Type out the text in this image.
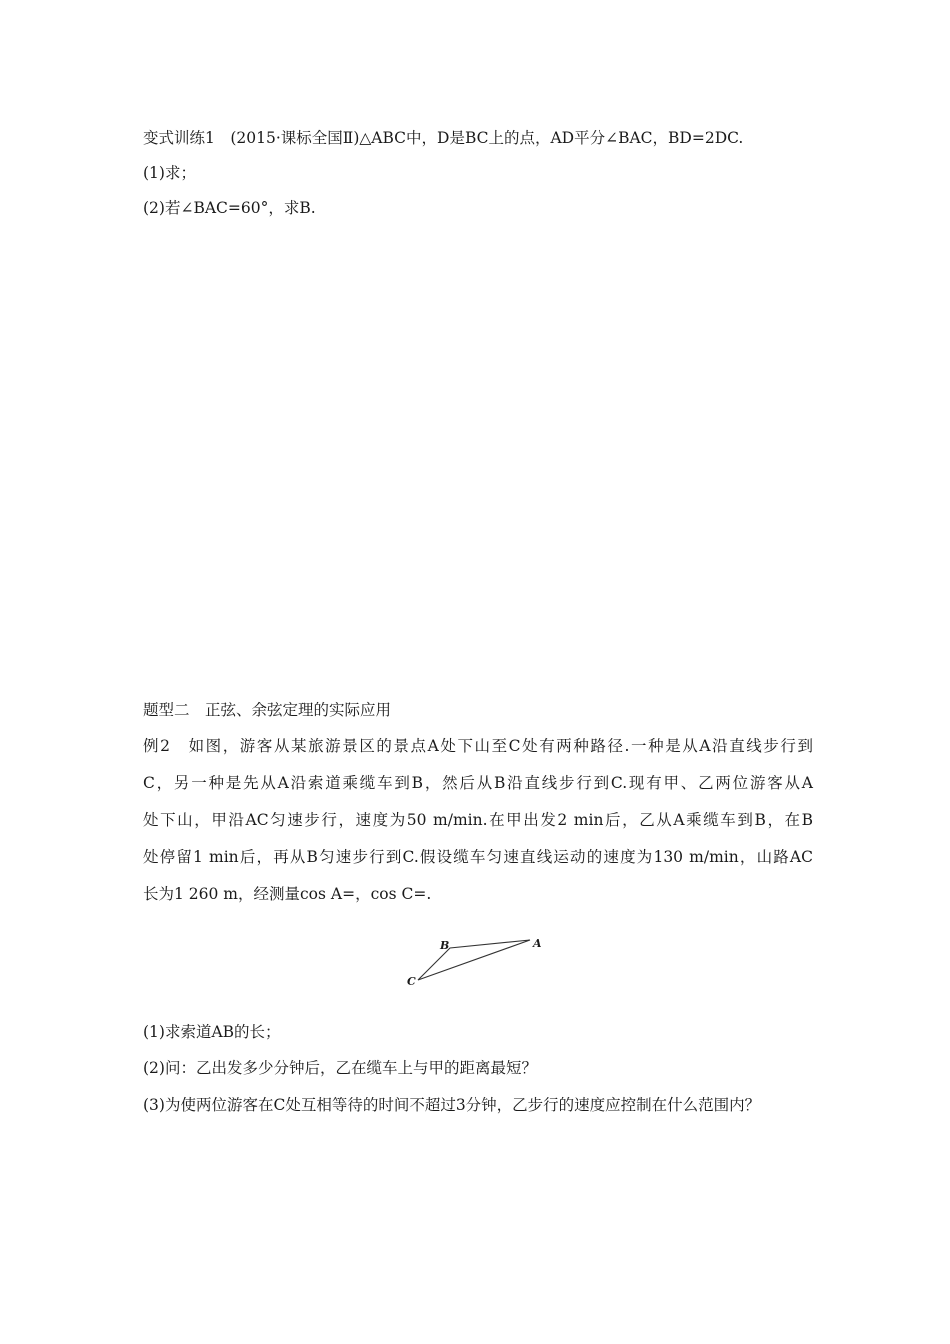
变式训练1　(2015·课标全国Ⅱ)△ABC中，D是BC上的点，AD平分∠BAC，BD=2DC.
(1)求；
(2)若∠BAC=60°，求B.
题型二　正弦、余弦定理的实际应用
例2　如图，游客从某旅游景区的景点A处下山至C处有两种路径.一种是从A沿直线步行到
C，另一种是先从A沿索道乘缆车到B，然后从B沿直线步行到C.现有甲、乙两位游客从A
处下山，甲沿AC匀速步行，速度为50 m/min.在甲出发2 min后，乙从A乘缆车到B，在B
处停留1 min后，再从B匀速步行到C.假设缆车匀速直线运动的速度为130 m/min，山路AC
长为1 260 m，经测量cos A=，cos C=.
A
B
C
(1)求索道AB的长；
(2)问：乙出发多少分钟后，乙在缆车上与甲的距离最短？
(3)为使两位游客在C处互相等待的时间不超过3分钟，乙步行的速度应控制在什么范围内？
